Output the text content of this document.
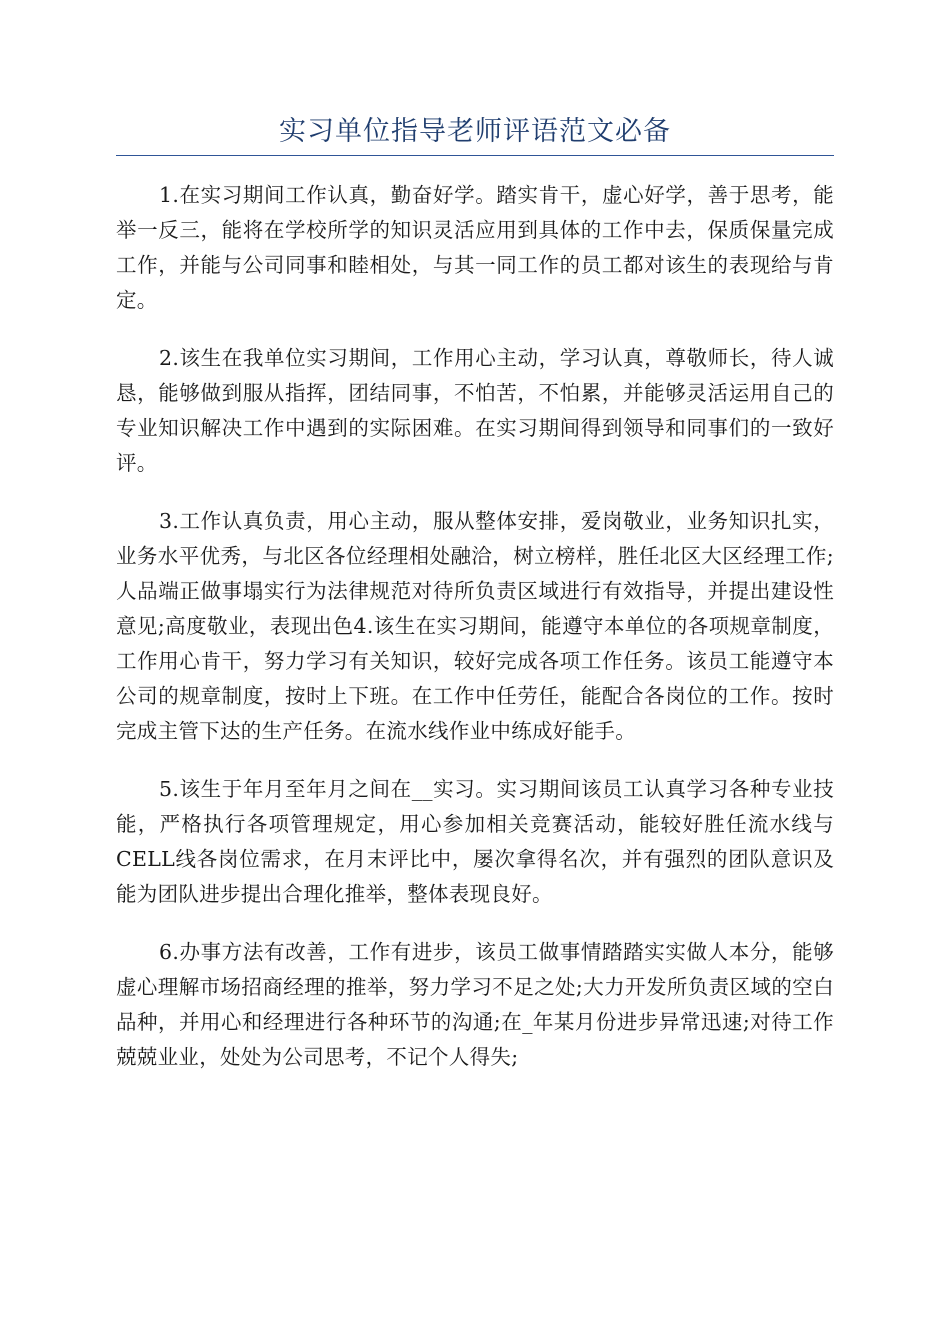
实习单位指导老师评语范文必备

1.在实习期间工作认真，勤奋好学。踏实肯干，虚心好学，善于思考，能举一反三，能将在学校所学的知识灵活应用到具体的工作中去，保质保量完成工作，并能与公司同事和睦相处，与其一同工作的员工都对该生的表现给与肯定。

2.该生在我单位实习期间，工作用心主动，学习认真，尊敬师长，待人诚恳，能够做到服从指挥，团结同事，不怕苦，不怕累，并能够灵活运用自己的专业知识解决工作中遇到的实际困难。在实习期间得到领导和同事们的一致好评。

3.工作认真负责，用心主动，服从整体安排，爱岗敬业，业务知识扎实，业务水平优秀，与北区各位经理相处融洽，树立榜样，胜任北区大区经理工作;人品端正做事塌实行为法律规范对待所负责区域进行有效指导，并提出建设性意见;高度敬业，表现出色4.该生在实习期间，能遵守本单位的各项规章制度，工作用心肯干，努力学习有关知识，较好完成各项工作任务。该员工能遵守本公司的规章制度，按时上下班。在工作中任劳任，能配合各岗位的工作。按时完成主管下达的生产任务。在流水线作业中练成好能手。

5.该生于年月至年月之间在__实习。实习期间该员工认真学习各种专业技能，严格执行各项管理规定，用心参加相关竞赛活动，能较好胜任流水线与CELL线各岗位需求，在月末评比中，屡次拿得名次，并有强烈的团队意识及能为团队进步提出合理化推举，整体表现良好。

6.办事方法有改善，工作有进步，该员工做事情踏踏实实做人本分，能够虚心理解市场招商经理的推举，努力学习不足之处;大力开发所负责区域的空白品种，并用心和经理进行各种环节的沟通;在_年某月份进步异常迅速;对待工作兢兢业业，处处为公司思考，不记个人得失;
